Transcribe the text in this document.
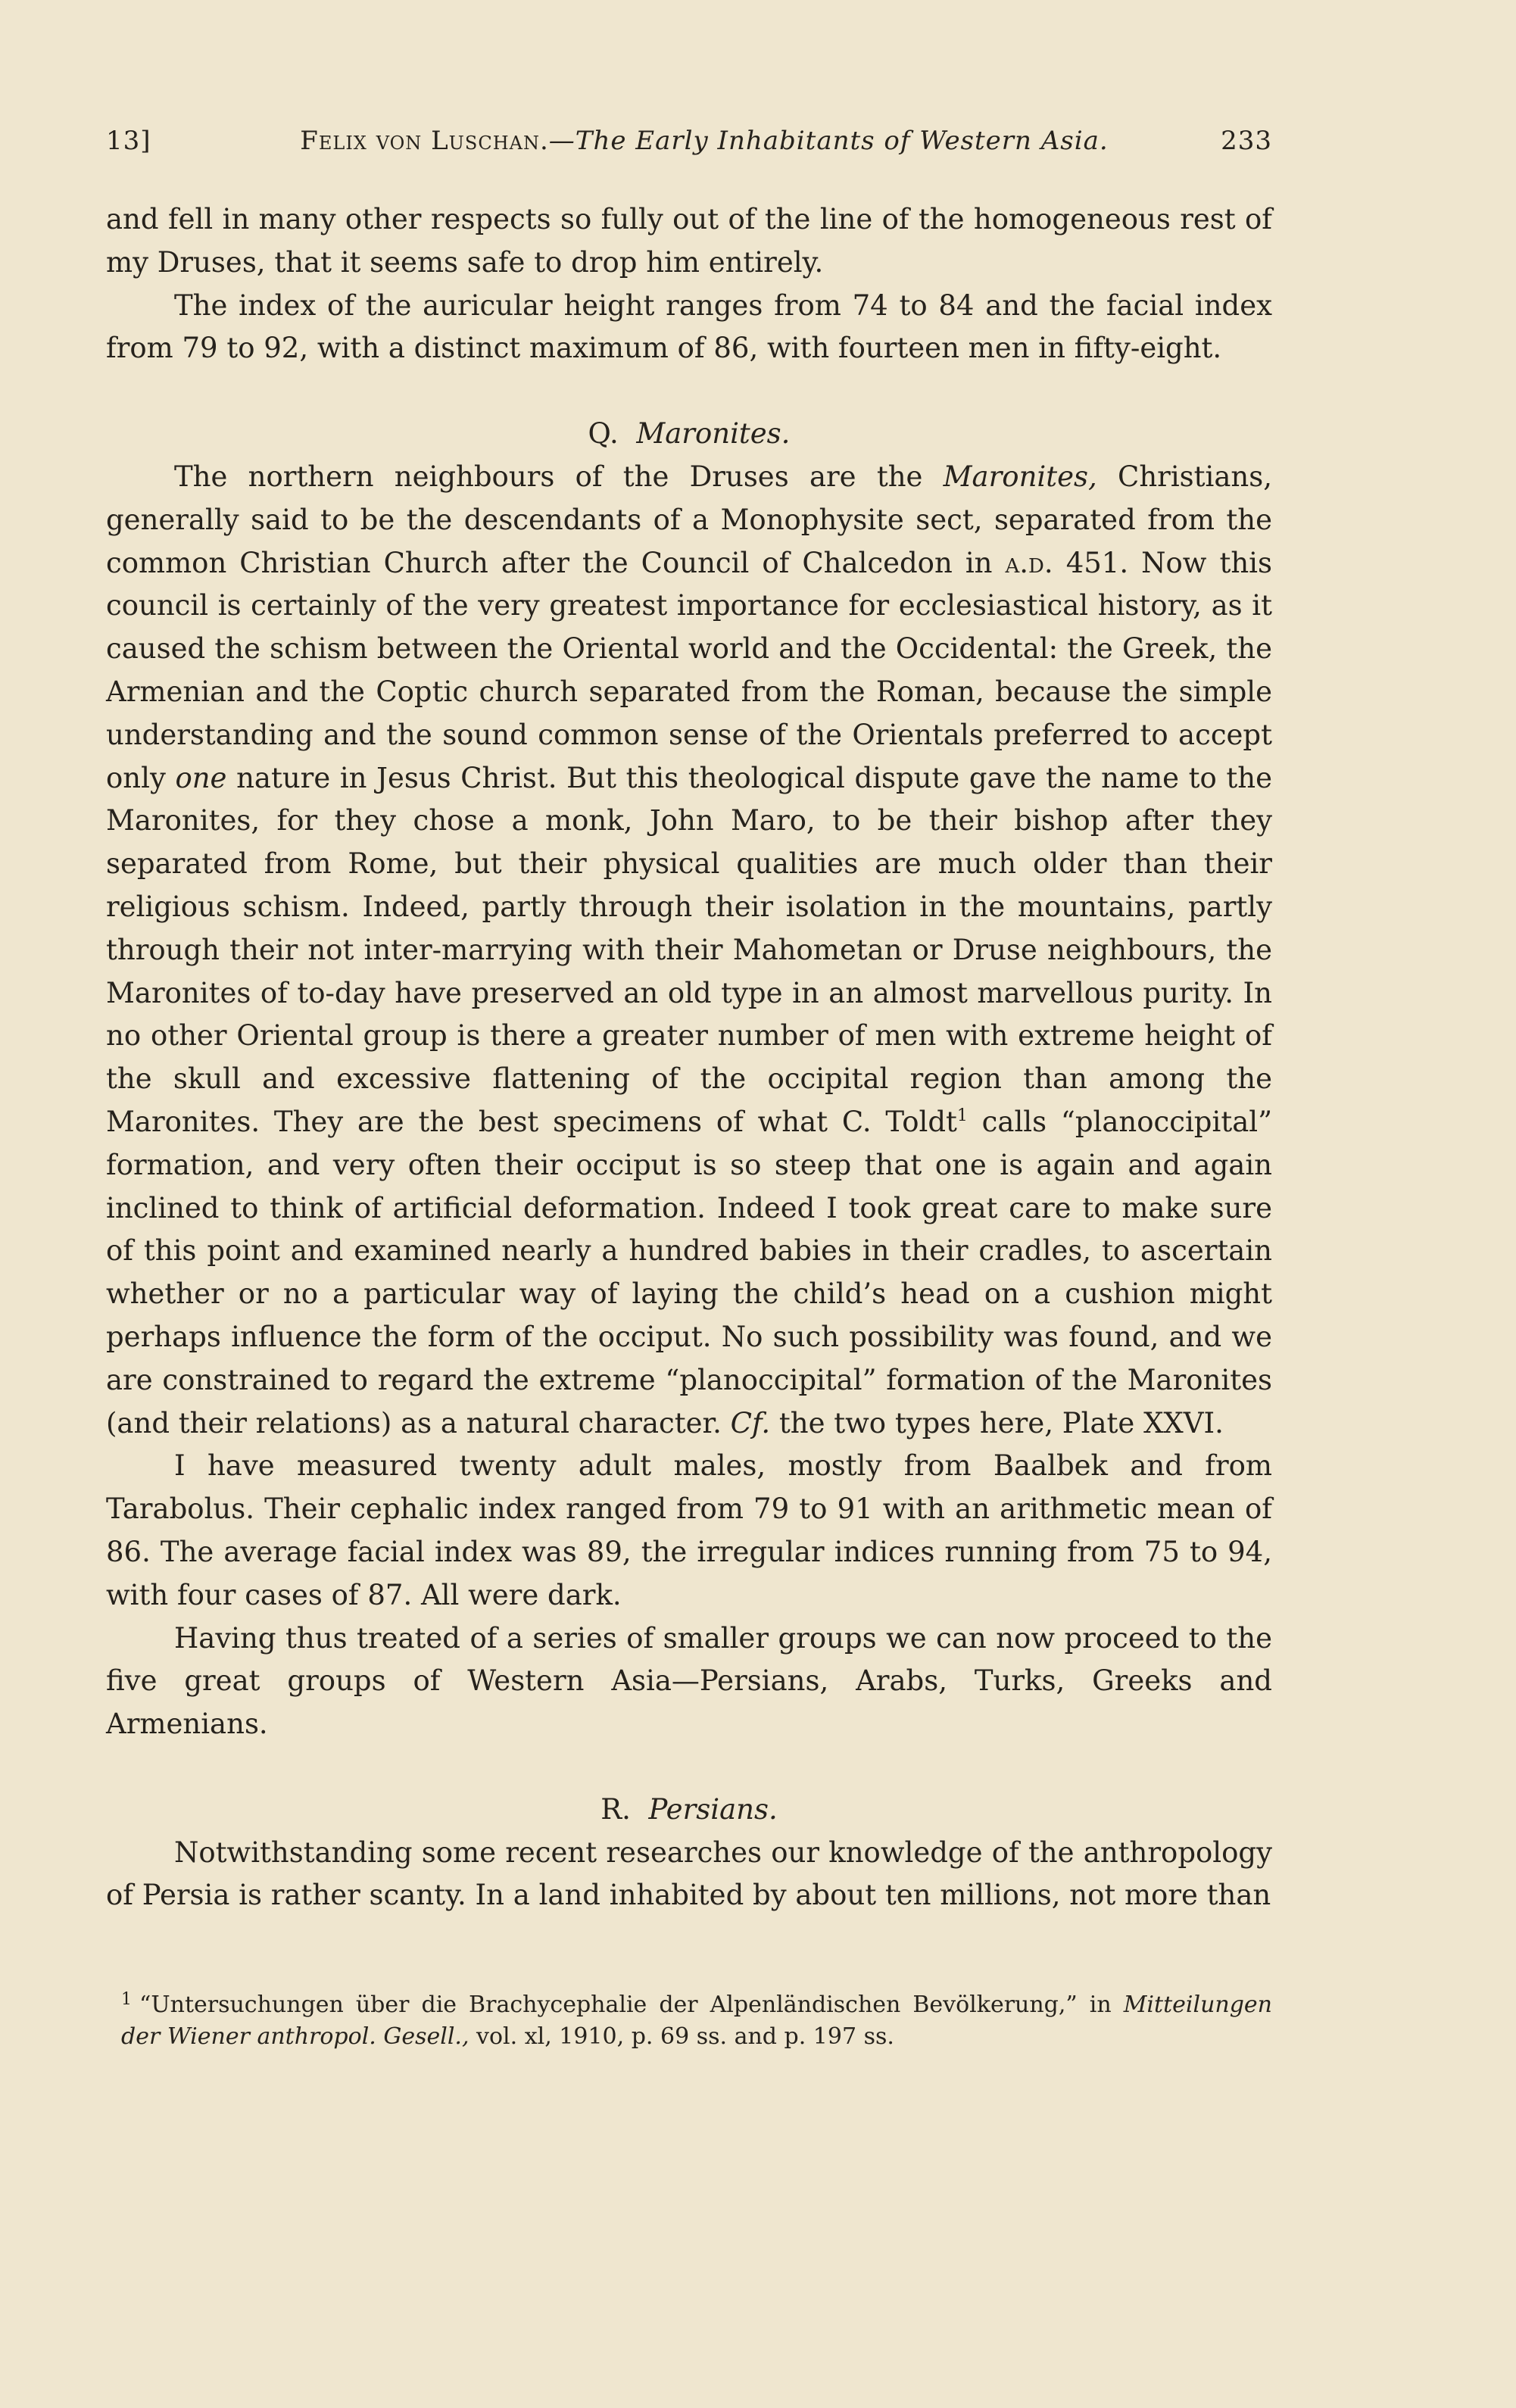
13]	Felix von Luschan.—The Early Inhabitants of Western Asia.	233

and fell in many other respects so fully out of the line of the homogeneous rest of my Druses, that it seems safe to drop him entirely.

The index of the auricular height ranges from 74 to 84 and the facial index from 79 to 92, with a distinct maximum of 86, with fourteen men in fifty-eight.

Q. Maronites.

The northern neighbours of the Druses are the Maronites, Christians, generally said to be the descendants of a Monophysite sect, separated from the common Christian Church after the Council of Chalcedon in a.d. 451. Now this council is certainly of the very greatest importance for ecclesiastical history, as it caused the schism between the Oriental world and the Occidental: the Greek, the Armenian and the Coptic church separated from the Roman, because the simple understanding and the sound common sense of the Orientals preferred to accept only one nature in Jesus Christ. But this theological dispute gave the name to the Maronites, for they chose a monk, John Maro, to be their bishop after they separated from Rome, but their physical qualities are much older than their religious schism. Indeed, partly through their isolation in the mountains, partly through their not inter-marrying with their Mahometan or Druse neighbours, the Maronites of to-day have preserved an old type in an almost marvellous purity. In no other Oriental group is there a greater number of men with extreme height of the skull and excessive flattening of the occipital region than among the Maronites. They are the best specimens of what C. Toldt$^1$ calls “planoccipital” formation, and very often their occiput is so steep that one is again and again inclined to think of artificial deformation. Indeed I took great care to make sure of this point and examined nearly a hundred babies in their cradles, to ascertain whether or no a particular way of laying the child’s head on a cushion might perhaps influence the form of the occiput. No such possibility was found, and we are constrained to regard the extreme “planoccipital” formation of the Maronites (and their relations) as a natural character. Cf. the two types here, Plate XXVI.

I have measured twenty adult males, mostly from Baalbek and from Tarabolus. Their cephalic index ranged from 79 to 91 with an arithmetic mean of 86. The average facial index was 89, the irregular indices running from 75 to 94, with four cases of 87. All were dark.

Having thus treated of a series of smaller groups we can now proceed to the five great groups of Western Asia—Persians, Arabs, Turks, Greeks and Armenians.

R. Persians.

Notwithstanding some recent researches our knowledge of the anthropology of Persia is rather scanty. In a land inhabited by about ten millions, not more than

$^1$ “Untersuchungen über die Brachycephalie der Alpenländischen Bevölkerung,” in Mitteilungen der Wiener anthropol. Gesell., vol. xl, 1910, p. 69 ss. and p. 197 ss.
